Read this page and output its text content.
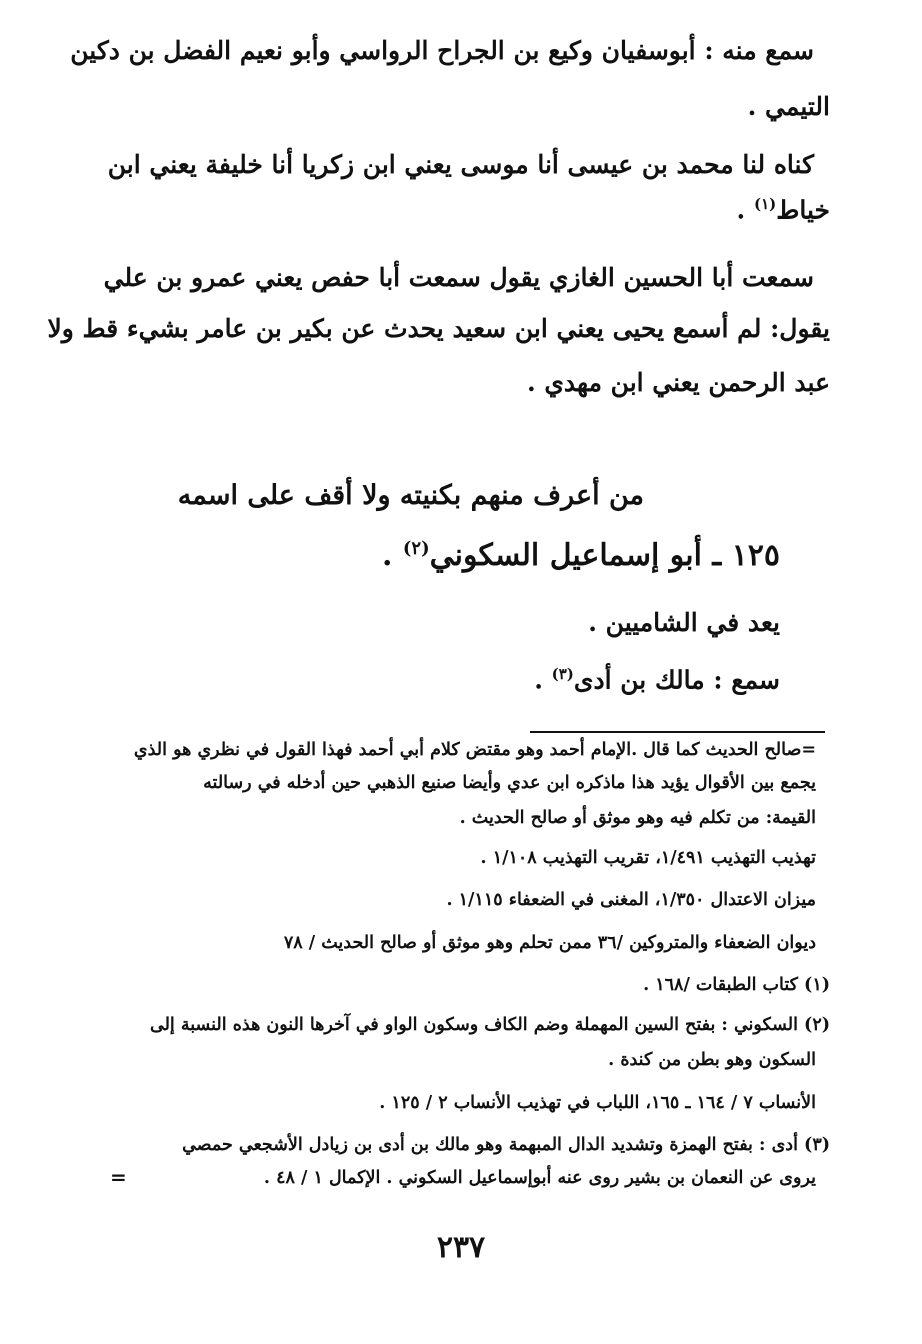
سمع منه : أبوسفيان وكيع بن الجراح الرواسي وأبو نعيم الفضل بن دكين
التيمي .
كناه لنا محمد بن عيسى أنا موسى يعني ابن زكريا أنا خليفة يعني ابن
خياط$^{(١)}$ .
سمعت أبا الحسين الغازي يقول سمعت أبا حفص يعني عمرو بن علي
يقول: لم أسمع يحيى يعني ابن سعيد يحدث عن بكير بن عامر بشيء قط ولا
عبد الرحمن يعني ابن مهدي .
من أعرف منهم بكنيته ولا أقف على اسمه
١٢٥ ـ أبو إسماعيل السكوني$^{(٢)}$ .
يعد في الشاميين .
سمع : مالك بن أدى$^{(٣)}$ .
=صالح الحديث كما قال .الإمام أحمد وهو مقتض كلام أبي أحمد فهذا القول في نظري هو الذي
يجمع بين الأقوال يؤيد هذا ماذكره ابن عدي وأيضا صنيع الذهبي حين أدخله في رسالته
القيمة: من تكلم فيه وهو موثق أو صالح الحديث .
تهذيب التهذيب ١/٤٩١، تقريب التهذيب ١/١٠٨ .
ميزان الاعتدال ١/٣٥٠، المغنى في الضعفاء ١/١١٥ .
ديوان الضعفاء والمتروكين /٣٦ ممن تحلم وهو موثق أو صالح الحديث / ٧٨
(١) كتاب الطبقات /١٦٨ .
(٢) السكوني : بفتح السين المهملة وضم الكاف وسكون الواو في آخرها النون هذه النسبة إلى
السكون وهو بطن من كندة .
الأنساب ٧ / ١٦٤ ـ ١٦٥، اللباب في تهذيب الأنساب ٢ / ١٢٥ .
(٣) أدى : بفتح الهمزة وتشديد الدال المبهمة وهو مالك بن أدى بن زيادل الأشجعي حمصي
يروى عن النعمان بن بشير روى عنه أبوإسماعيل السكوني . الإكمال ١ / ٤٨ .
=
٢٣٧
